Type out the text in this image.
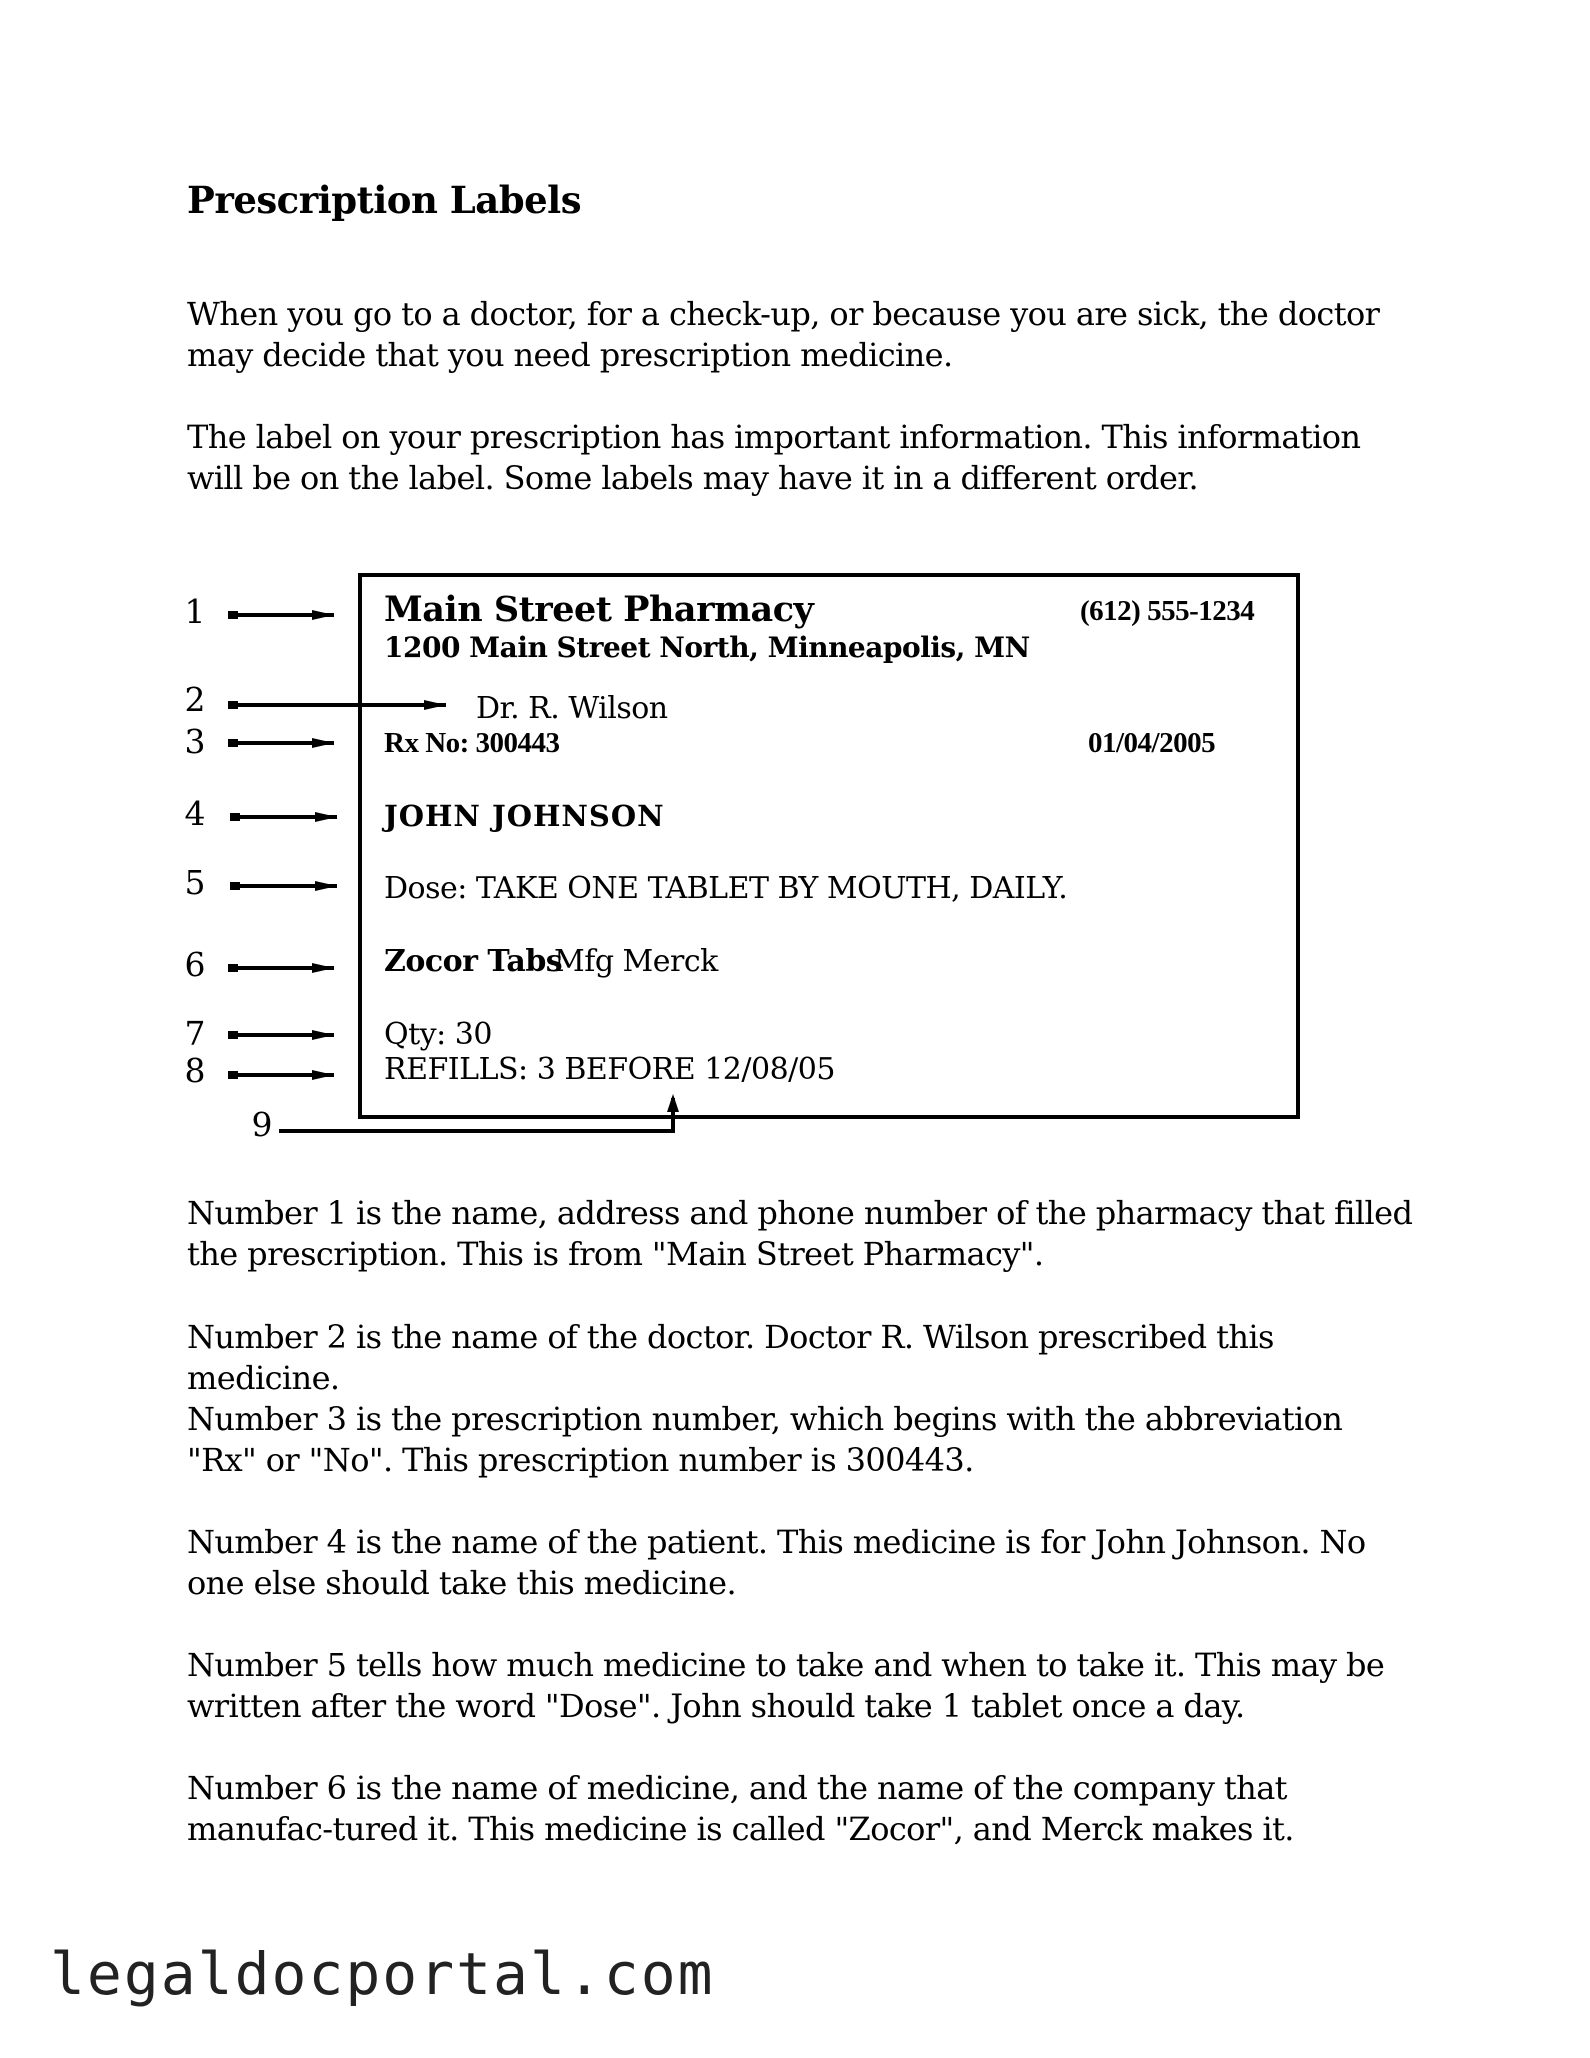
Prescription Labels

When you go to a doctor, for a check-up, or because you are sick, the doctor may decide that you need prescription medicine.

The label on your prescription has important information. This information will be on the label. Some labels may have it in a different order.

Main Street Pharmacy	(612) 555-1234
1200 Main Street North, Minneapolis, MN
Dr. R. Wilson
Rx No: 300443	01/04/2005
JOHN JOHNSON
Dose: TAKE ONE TABLET BY MOUTH, DAILY.
Zocor Tabs
Mfg Merck
Qty: 30
REFILLS: 3 BEFORE 12/08/05
1
2
3
4
5
6
7
8
9

Number 1 is the name, address and phone number of the pharmacy that filled the prescription. This is from "Main Street Pharmacy".

Number 2 is the name of the doctor. Doctor R. Wilson prescribed this medicine.

Number 3 is the prescription number, which begins with the abbreviation "Rx" or "No". This prescription number is 300443.

Number 4 is the name of the patient. This medicine is for John Johnson. No one else should take this medicine.

Number 5 tells how much medicine to take and when to take it. This may be written after the word "Dose". John should take 1 tablet once a day.

Number 6 is the name of medicine, and the name of the company that manufac-tured it. This medicine is called "Zocor", and Merck makes it.

legaldocportal.com
